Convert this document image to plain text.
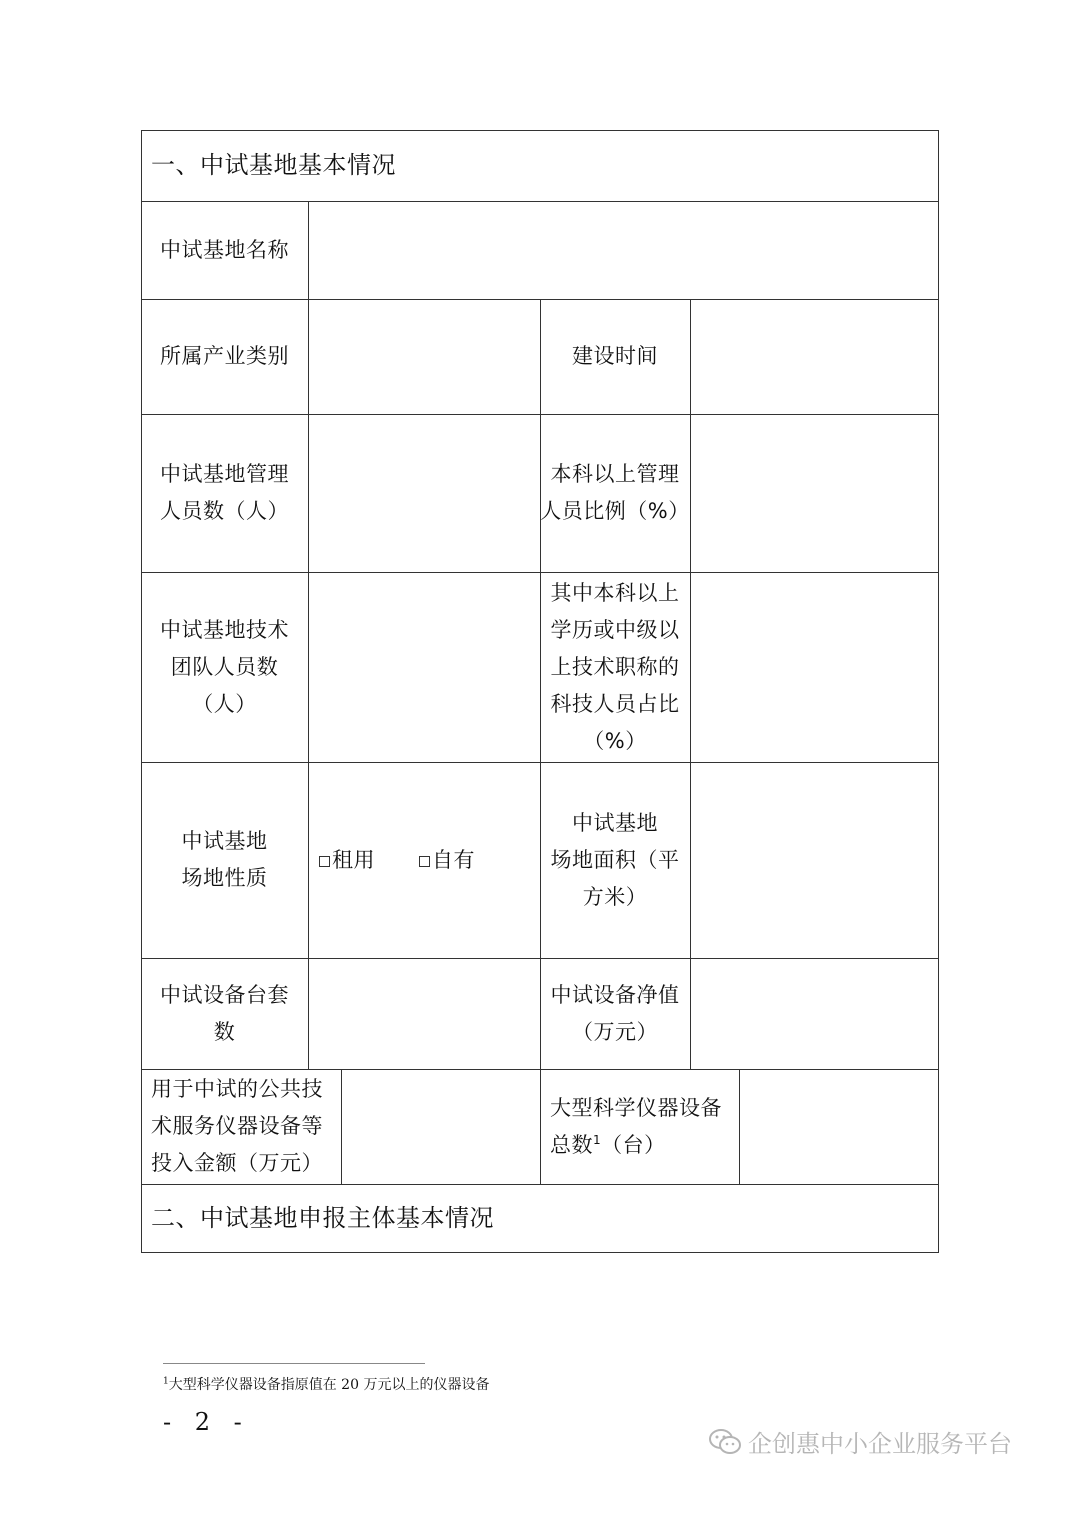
一、中试基地基本情况
中试基地名称
所属产业类别	建设时间
中试基地管理
人员数（人）
本科以上管理
人员比例（%）
中试基地技术
团队人员数
（人）
其中本科以上
学历或中级以
上技术职称的
科技人员占比
（%）
中试基地
场地性质
租用	自有
中试基地
场地面积（平
方米）
中试设备台套
数
中试设备净值
（万元）
用于中试的公共技
术服务仪器设备等
投入金额（万元）
大型科学仪器设备
总数$^1$（台）
二、中试基地申报主体基本情况
$^1$大型科学仪器设备指原值在 20 万元以上的仪器设备
- 2 -
企创惠中小企业服务平台
